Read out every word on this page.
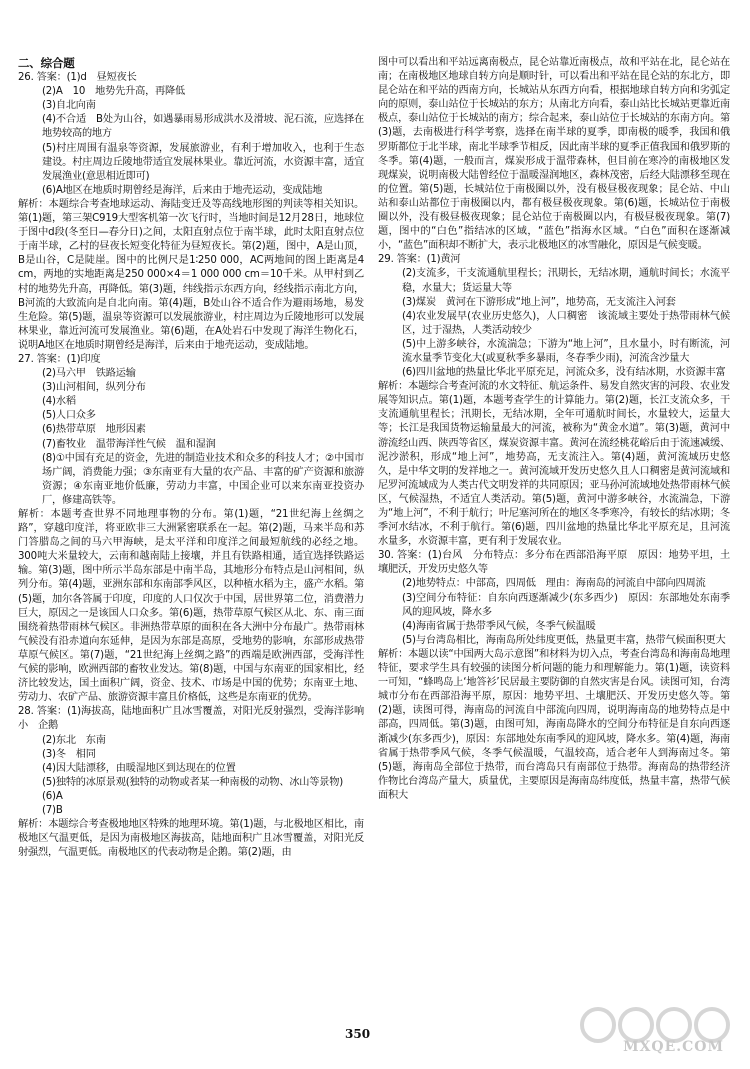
二、综合题

26. 答案：(1)d　昼短夜长

(2)A　10　地势先升高，再降低

(3)自北向南

(4)不合适　B处为山谷，如遇暴雨易形成洪水及滑坡、泥石流，应选择在地势较高的地方

(5)村庄周围有温泉等资源，发展旅游业，有利于增加收入，也利于生态建设。村庄周边丘陵地带适宜发展林果业。靠近河流，水资源丰富，适宜发展渔业(意思相近即可)

(6)A地区在地质时期曾经是海洋，后来由于地壳运动，变成陆地

解析：本题综合考查地球运动、海陆变迁及等高线地形图的判读等相关知识。第(1)题，第三架C919大型客机第一次飞行时，当地时间是12月28日，地球位于图中d段(冬至日—春分日)之间，太阳直射点位于南半球，此时太阳直射点位于南半球，乙村的昼夜长短变化特征为昼短夜长。第(2)题，图中，A是山顶，B是山谷，C是陡崖。图中的比例尺是1∶250 000，AC两地间的图上距离是4 cm，两地的实地距离是250 000×4＝1 000 000 cm＝10千米。从甲村到乙村的地势先升高，再降低。第(3)题，纬线指示东西方向，经线指示南北方向，B河流的大致流向是自北向南。第(4)题，B处山谷不适合作为避雨场地，易发生危险。第(5)题，温泉等资源可以发展旅游业，村庄周边为丘陵地形可以发展林果业，靠近河流可发展渔业。第(6)题，在A处岩石中发现了海洋生物化石，说明A地区在地质时期曾经是海洋，后来由于地壳运动，变成陆地。

27. 答案：(1)印度

(2)马六甲　铁路运输

(3)山河相间，纵列分布

(4)水稻

(5)人口众多

(6)热带草原　地形因素

(7)畜牧业　温带海洋性气候　温和湿润

(8)①中国有充足的资金，先进的制造业技术和众多的科技人才；②中国市场广阔，消费能力强；③东南亚有大量的农产品、丰富的矿产资源和旅游资源；④东南亚地价低廉，劳动力丰富，中国企业可以来东南亚投资办厂，修建高铁等。

解析：本题考查世界不同地理事物的分布。第(1)题，“21世纪海上丝绸之路”，穿越印度洋，将亚欧非三大洲紧密联系在一起。第(2)题，马来半岛和苏门答腊岛之间的马六甲海峡，是太平洋和印度洋之间最短航线的必经之地。300吨大米量较大，云南和越南陆上接壤，并且有铁路相通，适宜选择铁路运输。第(3)题，图中所示半岛东部是中南半岛，其地形分布特点是山河相间，纵列分布。第(4)题，亚洲东部和东南部季风区，以种植水稻为主，盛产水稻。第(5)题，加尔各答属于印度，印度的人口仅次于中国，居世界第二位，消费潜力巨大，原因之一是该国人口众多。第(6)题，热带草原气候区从北、东、南三面围绕着热带雨林气候区。非洲热带草原的面积在各大洲中分布最广。热带雨林气候没有沿赤道向东延伸，是因为东部是高原，受地势的影响，东部形成热带草原气候区。第(7)题，“21世纪海上丝绸之路”的西端是欧洲西部，受海洋性气候的影响，欧洲西部的畜牧业发达。第(8)题，中国与东南亚的国家相比，经济比较发达，国土面积广阔，资金、技术、市场是中国的优势；东南亚土地、劳动力、农矿产品、旅游资源丰富且价格低，这些是东南亚的优势。

28. 答案：(1)海拔高，陆地面积广且冰雪覆盖，对阳光反射强烈，受海洋影响小　企鹅

(2)东北　东南

(3)冬　相同

(4)因大陆漂移，由暖湿地区到达现在的位置

(5)独特的冰原景观(独特的动物或者某一种南极的动物、冰山等景物)

(6)A

(7)B

解析：本题综合考查极地地区特殊的地理环境。第(1)题，与北极地区相比，南极地区气温更低，是因为南极地区海拔高，陆地面积广且冰雪覆盖，对阳光反射强烈，气温更低。南极地区的代表动物是企鹅。第(2)题，由

图中可以看出和平站远离南极点，昆仑站靠近南极点，故和平站在北，昆仑站在南；在南极地区地球自转方向是顺时针，可以看出和平站在昆仑站的东北方，即昆仑站在和平站的西南方向，长城站从东西方向看，根据地球自转方向和劣弧定向的原则，泰山站位于长城站的东方；从南北方向看，泰山站比长城站更靠近南极点，泰山站位于长城站的南方；综合起来，泰山站位于长城站的东南方向。第(3)题，去南极进行科学考察，选择在南半球的夏季，即南极的暖季，我国和俄罗斯都位于北半球，南北半球季节相反，因此南半球的夏季正值我国和俄罗斯的冬季。第(4)题，一般而言，煤炭形成于温带森林，但目前在寒冷的南极地区发现煤炭，说明南极大陆曾经位于温暖湿润地区，森林茂密，后经大陆漂移至现在的位置。第(5)题，长城站位于南极圈以外，没有极昼极夜现象；昆仑站、中山站和泰山站都位于南极圈以内，都有极昼极夜现象。第(6)题，长城站位于南极圈以外，没有极昼极夜现象；昆仑站位于南极圈以内，有极昼极夜现象。第(7)题，图中的“白色”指结冰的区域，“蓝色”指海水区域。“白色”面积在逐渐减小，“蓝色”面积却不断扩大，表示北极地区的冰雪融化，原因是气候变暖。

29. 答案：(1)黄河

(2)支流多，干支流通航里程长；汛期长，无结冰期，通航时间长；水流平稳，水量大；货运量大等

(3)煤炭　黄河在下游形成“地上河”，地势高，无支流注入河套

(4)农业发展早(农业历史悠久)，人口稠密　该流域主要处于热带雨林气候区，过于湿热，人类活动较少

(5)中上游多峡谷，水流湍急；下游为“地上河”，且水量小，时有断流，河流水量季节变化大(或夏秋季多暴雨，冬春季少雨)，河流含沙量大

(6)四川盆地的热量比华北平原充足，河流众多，没有结冰期，水资源丰富

解析：本题综合考查河流的水文特征、航运条件、易发自然灾害的河段、农业发展等知识点。第(1)题，本题考查学生的计算能力。第(2)题，长江支流众多，干支流通航里程长；汛期长，无结冰期，全年可通航时间长，水量较大，运量大等；长江是我国货物运输量最大的河流，被称为“黄金水道”。第(3)题，黄河中游流经山西、陕西等省区，煤炭资源丰富。黄河在流经桃花峪后由于流速减缓、泥沙淤积，形成“地上河”，地势高，无支流注入。第(4)题，黄河流域历史悠久，是中华文明的发祥地之一。黄河流域开发历史悠久且人口稠密是黄河流域和尼罗河流域成为人类古代文明发祥的共同原因；亚马孙河流域地处热带雨林气候区，气候湿热，不适宜人类活动。第(5)题，黄河中游多峡谷，水流湍急，下游为“地上河”，不利于航行；叶尼塞河所在的地区冬季寒冷，有较长的结冰期；冬季河水结冰，不利于航行。第(6)题，四川盆地的热量比华北平原充足，且河流水量多，水资源丰富，更有利于发展农业。

30. 答案：(1)台风　分布特点：多分布在西部沿海平原　原因：地势平坦，土壤肥沃，开发历史悠久等

(2)地势特点：中部高，四周低　理由：海南岛的河流自中部向四周流

(3)空间分布特征：自东向西逐渐减少(东多西少)　原因：东部地处东南季风的迎风坡，降水多

(4)海南省属于热带季风气候，冬季气候温暖

(5)与台湾岛相比，海南岛所处纬度更低，热量更丰富，热带气候面积更大

解析：本题以读“中国两大岛示意图”和材料为切入点，考查台湾岛和海南岛地理特征，要求学生具有较强的读图分析问题的能力和理解能力。第(1)题，读资料一可知，“蜂鸣岛上‘地答衫’民居最主要防御的自然灾害是台风。读图可知，台湾城市分布在西部沿海平原，原因：地势平坦、土壤肥沃、开发历史悠久等。第(2)题，读图可得，海南岛的河流自中部流向四周，说明海南岛的地势特点是中部高，四周低。第(3)题，由图可知，海南岛降水的空间分布特征是自东向西逐渐减少(东多西少)，原因：东部地处东南季风的迎风坡，降水多。第(4)题，海南省属于热带季风气候，冬季气候温暖，气温较高，适合老年人到海南过冬。第(5)题，海南岛全部位于热带，而台湾岛只有南部位于热带。海南岛的热带经济作物比台湾岛产量大，质量优，主要原因是海南岛纬度低，热量丰富，热带气候面积大

350
MXQE.COM
